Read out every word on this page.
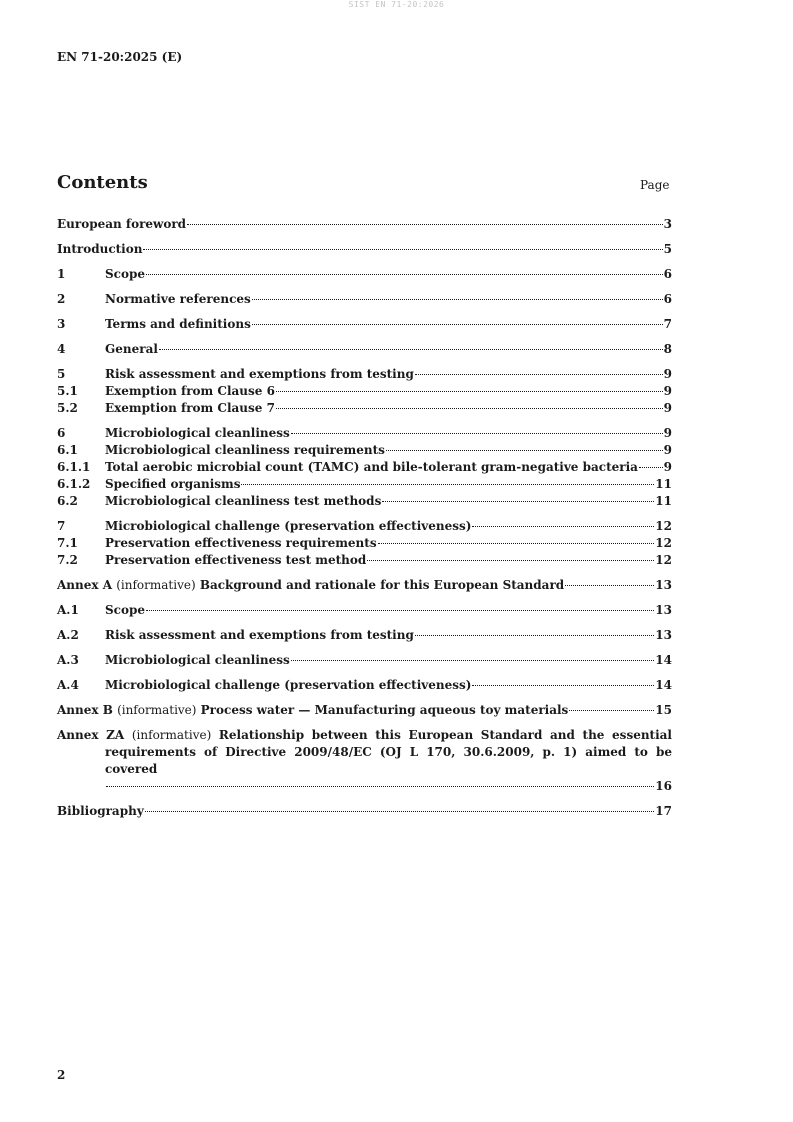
SIST EN 71-20:2026
EN 71-20:2025 (E)
Contents	Page
European foreword	3
Introduction	5
1	Scope	6
2	Normative references	6
3	Terms and definitions	7
4	General	8
5	Risk assessment and exemptions from testing	9
5.1 Exemption from Clause 6	9
5.2 Exemption from Clause 7	9
6	Microbiological cleanliness	9
6.1 Microbiological cleanliness requirements	9
6.1.1 Total aerobic microbial count (TAMC) and bile-tolerant gram-negative bacteria 9
6.1.2 Specified organisms	11
6.2 Microbiological cleanliness test methods	11
7	Microbiological challenge (preservation effectiveness)	12
7.1 Preservation effectiveness requirements	12
7.2 Preservation effectiveness test method	12
Annex A (informative) Background and rationale for this European Standard	13
A.1 Scope	13
A.2 Risk assessment and exemptions from testing	13
A.3 Microbiological cleanliness	14
A.4 Microbiological challenge (preservation effectiveness)	14
Annex B (informative) Process water — Manufacturing aqueous toy materials	15
Annex ZA (informative) Relationship between this European Standard and the essential
requirements of Directive 2009/48/EC (OJ L 170, 30.6.2009, p. 1) aimed to be covered
16
Bibliography	17
2
